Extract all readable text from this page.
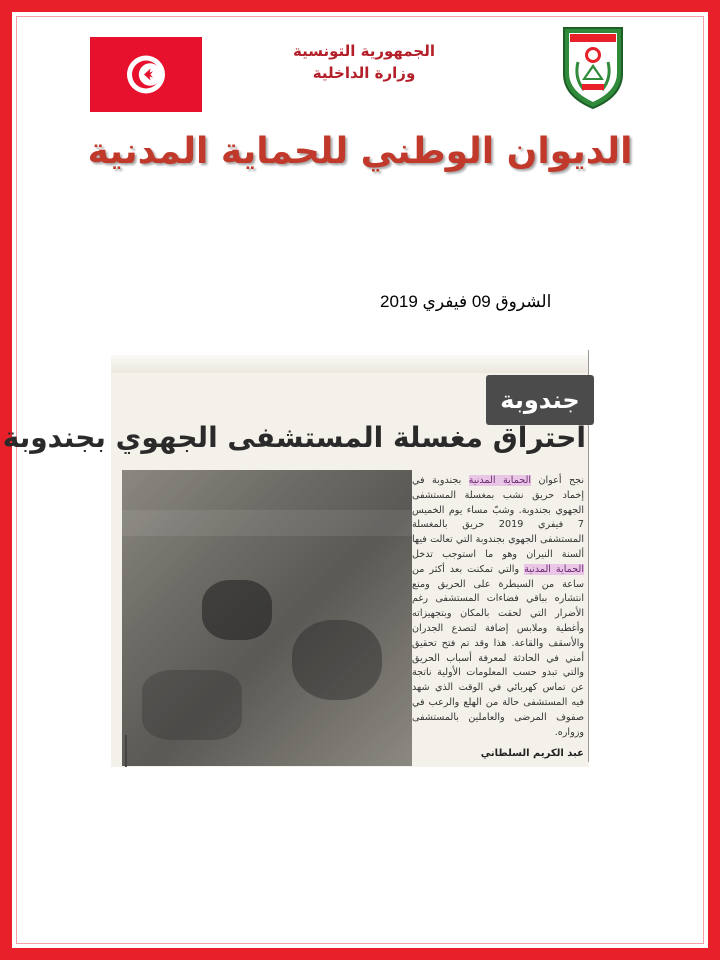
الجمهورية التونسية
وزارة الداخلية
الديوان الوطني للحماية المدنية
الشروق 09 فيفري 2019
جندوبة
احتراق مغسلة المستشفى الجهوي بجندوبة
نجح أعوان الحماية المدنية بجندوبة في إخماد حريق نشب بمغسلة المستشفى الجهوي بجندوبة. وشبّ مساء يوم الخميس 7 فيفري 2019 حريق بالمغسلة المستشفى الجهوي بجندوبة التي تعالت فيها ألسنة النيران وهو ما استوجب تدخل الحماية المدنية والتي تمكنت بعد أكثر من ساعة من السيطرة على الحريق ومنع انتشاره بباقي فضاءات المستشفى رغم الأضرار التي لحقت بالمكان وبتجهيزاته وأغطية وملابس إضافة لتصدع الجدران والأسقف والقاعة. هذا وقد تم فتح تحقيق أمني في الحادثة لمعرفة أسباب الحريق والتي تبدو حسب المعلومات الأولية ناتجة عن تماس كهربائي في الوقت الذي شهد فيه المستشفى حالة من الهلع والرعب في صفوف المرضى والعاملين بالمستشفى وزواره.
عبد الكريم السلطاني
